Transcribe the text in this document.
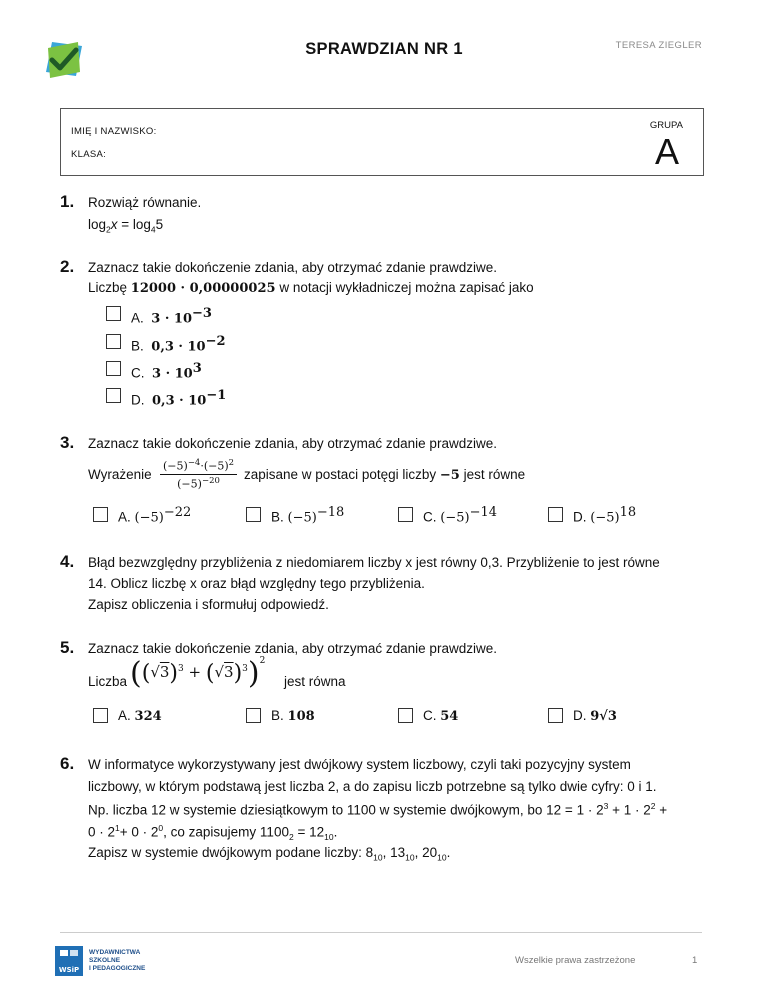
SPRAWDZIAN NR 1	TERESA ZIEGLER
IMIĘ I NAZWISKO:
KLASA:
GRUPA
A
1. Rozwiąż równanie.
$\log_2x = \log_45$
2. Zaznacz takie dokończenie zdania, aby otrzymać zdanie prawdziwe.
Liczbę 12000 · 0,00000025 w notacji wykładniczej można zapisać jako
A. $3 \cdot 10^{-3}$
B. $0,3 \cdot 10^{-2}$
C. $3 \cdot 10^3$
D. $0,3 \cdot 10^{-1}$
3. Zaznacz takie dokończenie zdania, aby otrzymać zdanie prawdziwe.
Wyrażenie $\frac{(-5)^{-4}\cdot(-5)^2}{(-5)^{-20}}$ zapisane w postaci potęgi liczby −5 jest równe
A. $(-5)^{-22}$	B. $(-5)^{-18}$	C. $(-5)^{-14}$	D. $(-5)^{18}$
4. Błąd bezwzględny przybliżenia z niedomiarem liczby x jest równy 0,3. Przybliżenie to jest równe
14. Oblicz liczbę x oraz błąd względny tego przybliżenia.
Zapisz obliczenia i sformułuj odpowiedź.
5. Zaznacz takie dokończenie zdania, aby otrzymać zdanie prawdziwe.
Liczba $((√3)^3 + (√3)^3)^2$
jest równa
A. 324	B. 108	C. 54	D. 9√3
6. W informatyce wykorzystywany jest dwójkowy system liczbowy, czyli taki pozycyjny system
liczbowy, w którym podstawą jest liczba 2, a do zapisu liczb potrzebne są tylko dwie cyfry: 0 i 1.
Np. liczba 12 w systemie dziesiątkowym to 1100 w systemie dwójkowym, bo $12 = 1 \cdot 2^3 + 1 \cdot 2^2$ +
$0 \cdot 2^1+ 0 \cdot 2^0$, co zapisujemy $1100_2 = 12_{10}$.
Zapisz w systemie dwójkowym podane liczby: $8_{10}$, $13_{10}$, $20_{10}$.
WSiP
WYDAWNICTWA
SZKOLNE
I PEDAGOGICZNE
Wszelkie prawa zastrzeżone	1
